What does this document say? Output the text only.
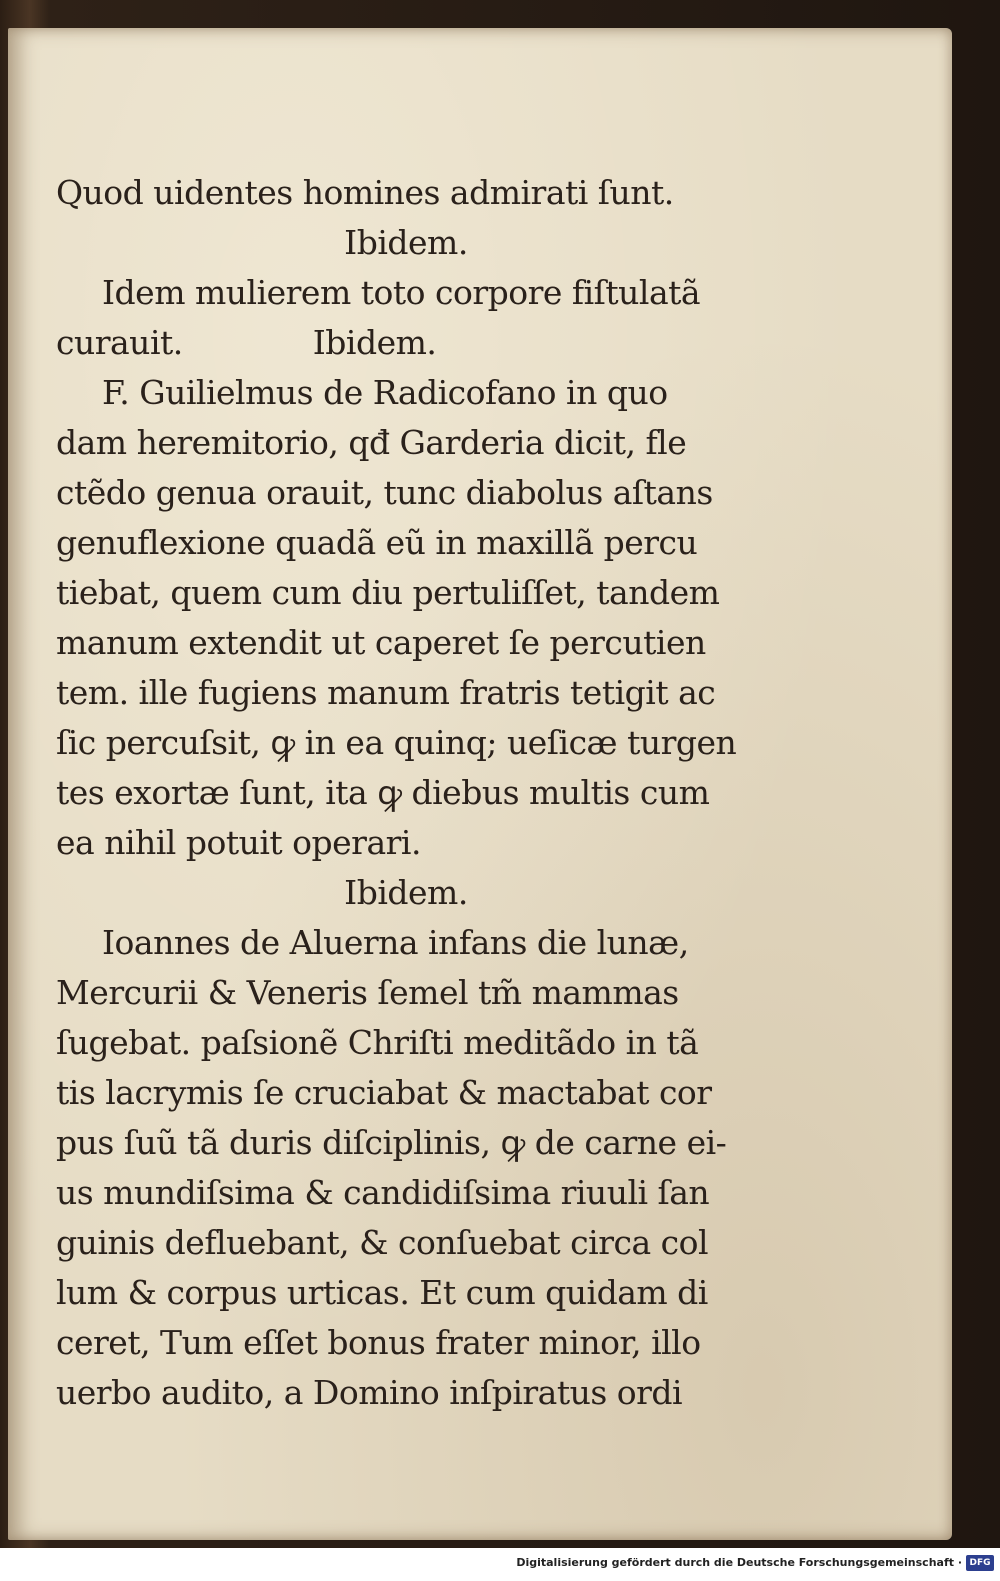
Quod uidentes homines admirati ſunt.
Ibidem.
Idem mulierem toto corpore fiſtulatã
curauit.	Ibidem.
F. Guilielmus de Radicofano in quo
dam heremitorio, qđ Garderia dicit, fle
ctẽdo genua orauit, tunc diabolus aſtans
genuflexione quadã eũ in maxillã percu
tiebat, quem cum diu pertuliſſet, tandem
manum extendit ut caperet ſe percutien
tem. ille fugiens manum fratris tetigit ac
ſic percuſsit, ꝙ in ea quinq; ueſicæ turgen
tes exortæ ſunt, ita ꝙ diebus multis cum
ea nihil potuit operari.
Ibidem.
Ioannes de Aluerna infans die lunæ,
Mercurii & Veneris ſemel tm̃ mammas
ſugebat. paſsionẽ Chriſti meditãdo in tã
tis lacrymis ſe cruciabat & mactabat cor
pus ſuũ tã duris diſciplinis, ꝙ de carne ei-
us mundiſsima & candidiſsima riuuli ſan
guinis defluebant, & conſuebat circa col
lum & corpus urticas. Et cum quidam di
ceret, Tum eſſet bonus frater minor, illo
uerbo audito, a Domino inſpiratus ordi
Digitalisierung gefördert durch die Deutsche Forschungsgemeinschaft · DFG
